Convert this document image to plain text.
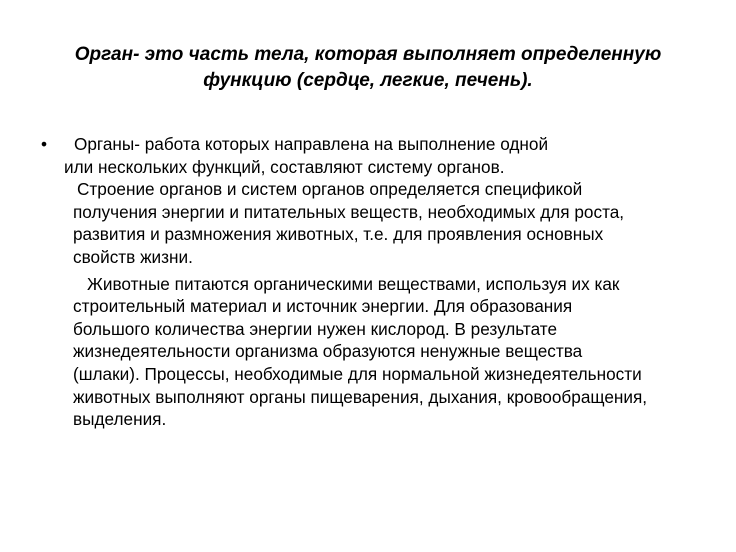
Орган- это часть тела, которая выполняет определенную
функцию (сердце, легкие, печень).
• Органы- работа которых направлена на выполнение одной
или нескольких функций, составляют систему органов.

Строение органов и систем органов определяется спецификой
получения энергии и питательных веществ, необходимых для роста,
развития и размножения животных, т.е. для проявления основных
свойств жизни.

Животные питаются органическими веществами, используя их как
строительный материал и источник энергии. Для образования
большого количества энергии нужен кислород. В результате
жизнедеятельности организма образуются ненужные вещества
(шлаки). Процессы, необходимые для нормальной жизнедеятельности
животных выполняют органы пищеварения, дыхания, кровообращения,
выделения.
